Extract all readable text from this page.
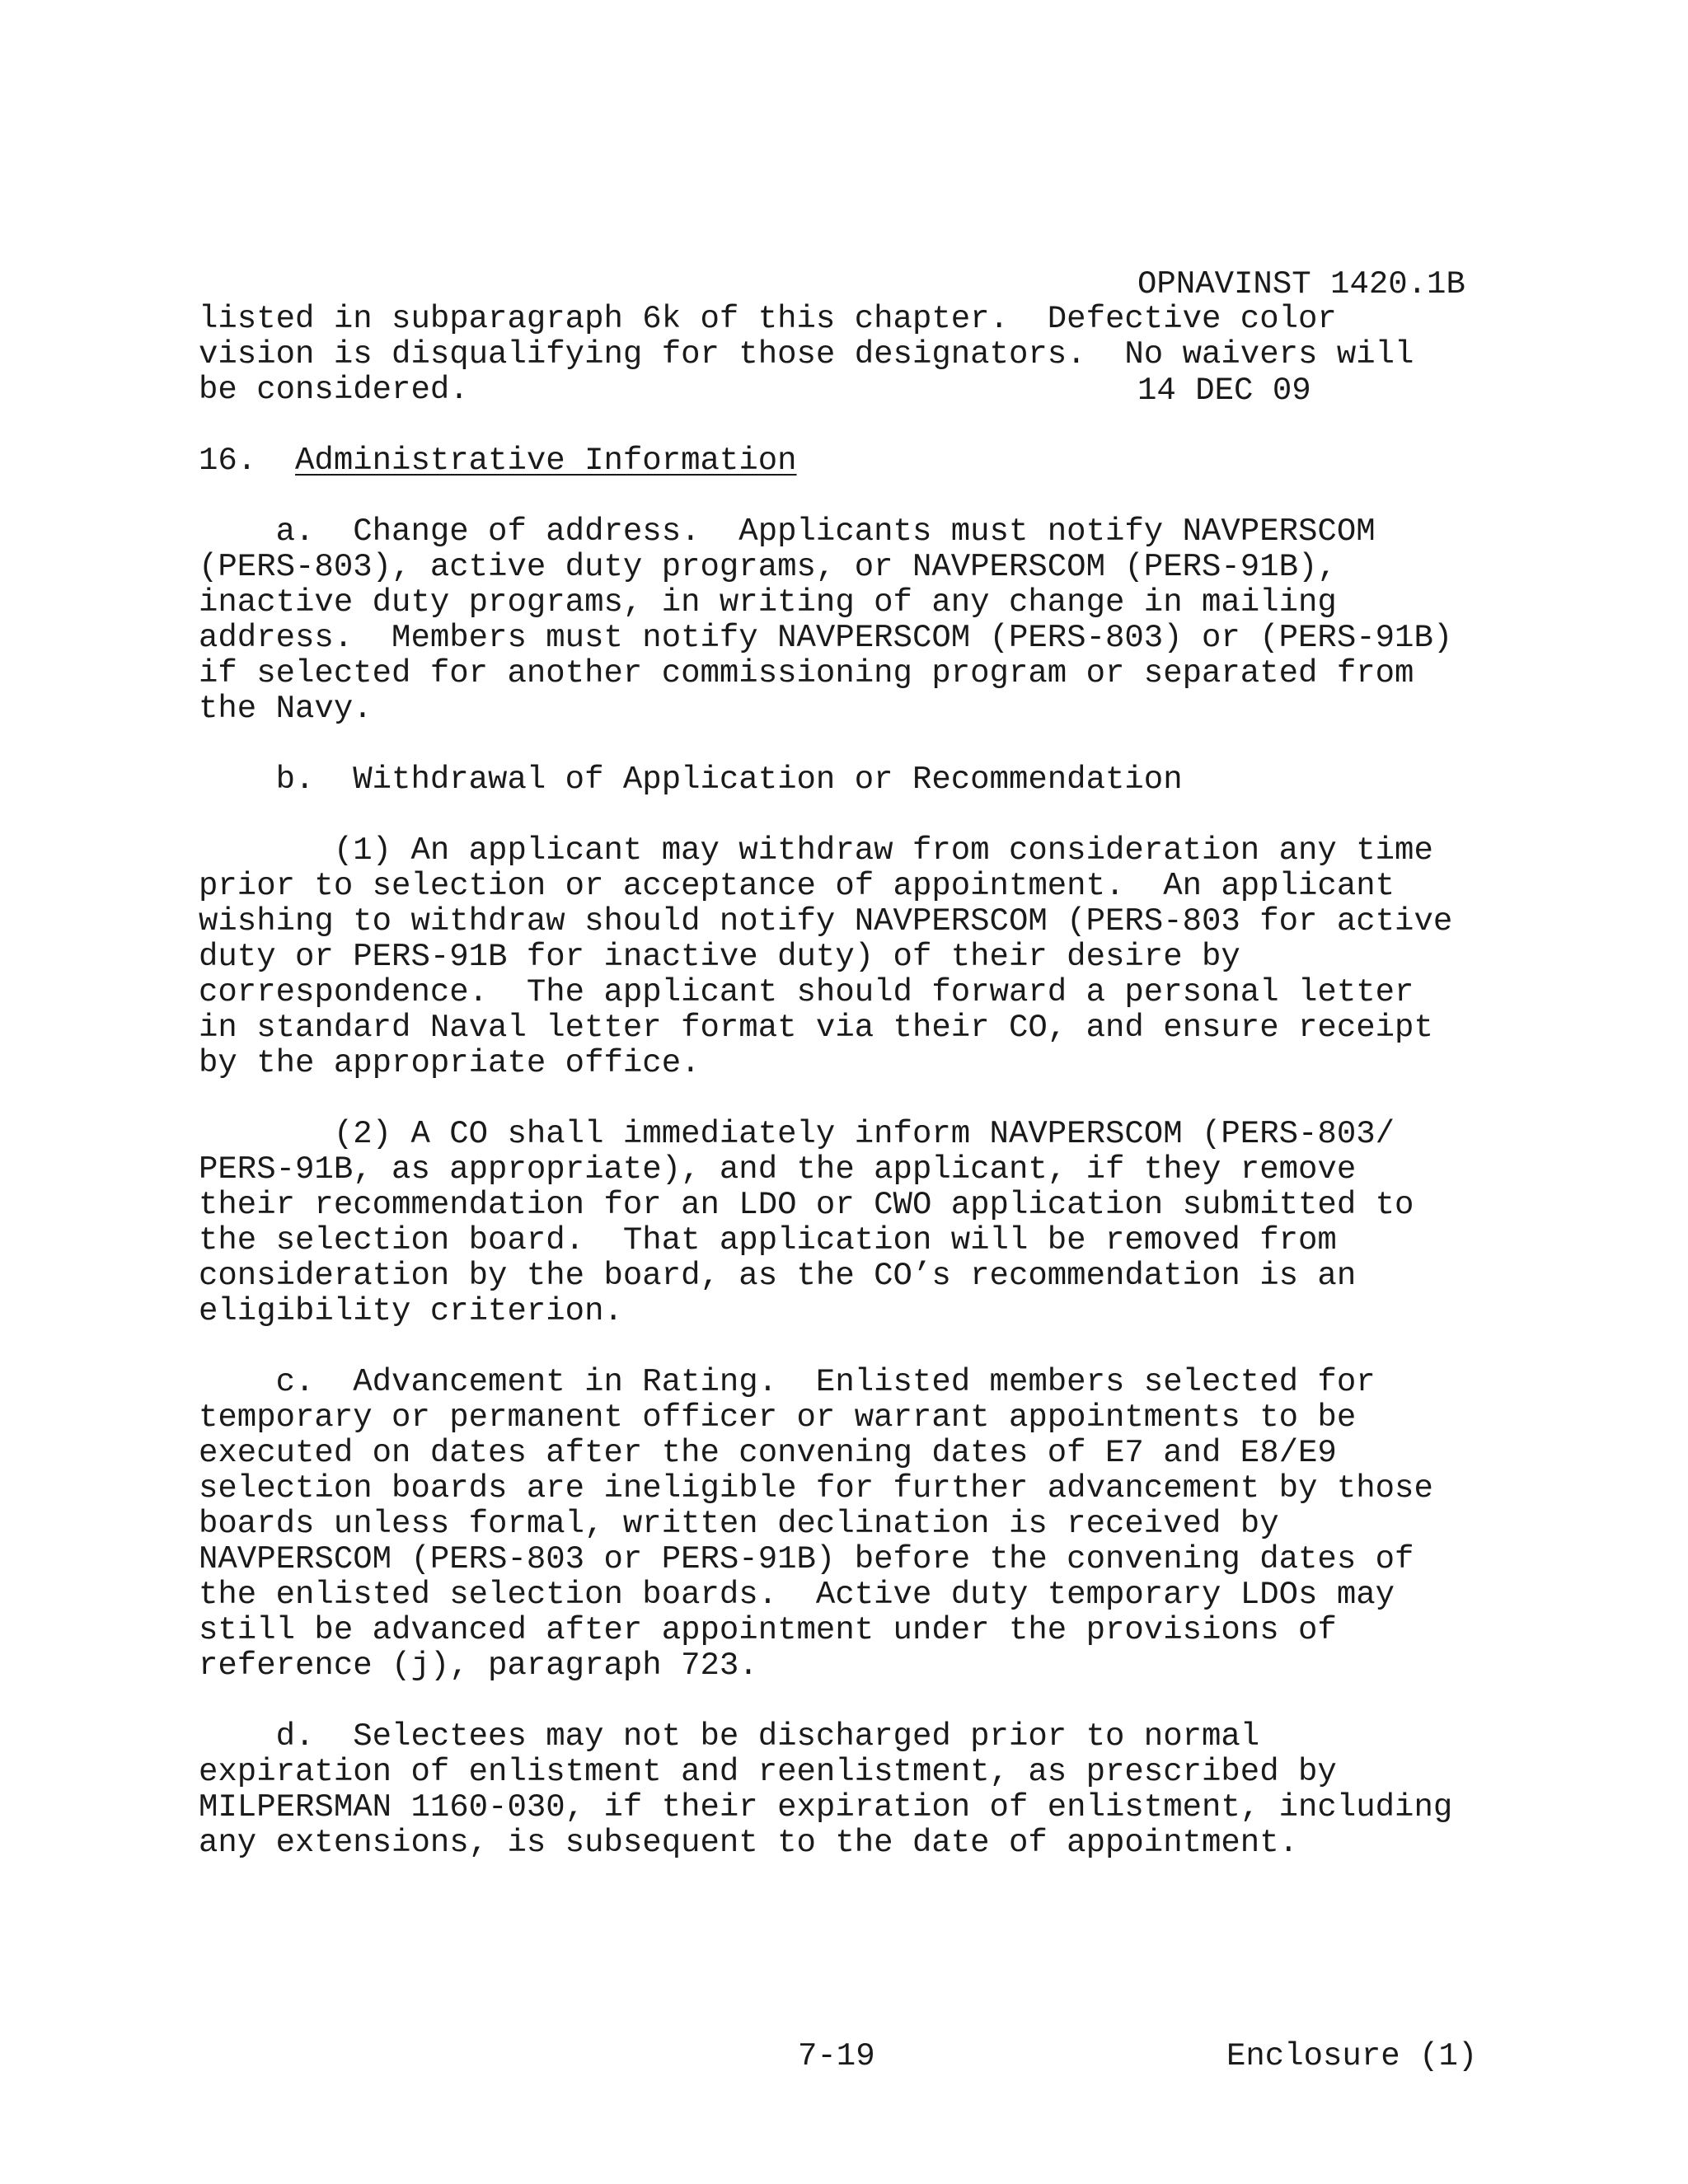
OPNAVINST 1420.1B

14 DEC 09

listed in subparagraph 6k of this chapter.  Defective color
vision is disqualifying for those designators.  No waivers will
be considered.
16.  Administrative Information
a.  Change of address.  Applicants must notify NAVPERSCOM
(PERS-803), active duty programs, or NAVPERSCOM (PERS-91B),
inactive duty programs, in writing of any change in mailing
address.  Members must notify NAVPERSCOM (PERS-803) or (PERS-91B)
if selected for another commissioning program or separated from
the Navy.
b.  Withdrawal of Application or Recommendation
(1) An applicant may withdraw from consideration any time
prior to selection or acceptance of appointment.  An applicant
wishing to withdraw should notify NAVPERSCOM (PERS-803 for active
duty or PERS-91B for inactive duty) of their desire by
correspondence.  The applicant should forward a personal letter
in standard Naval letter format via their CO, and ensure receipt
by the appropriate office.
(2) A CO shall immediately inform NAVPERSCOM (PERS-803/
PERS-91B, as appropriate), and the applicant, if they remove
their recommendation for an LDO or CWO application submitted to
the selection board.  That application will be removed from
consideration by the board, as the CO’s recommendation is an
eligibility criterion.
c.  Advancement in Rating.  Enlisted members selected for
temporary or permanent officer or warrant appointments to be
executed on dates after the convening dates of E7 and E8/E9
selection boards are ineligible for further advancement by those
boards unless formal, written declination is received by
NAVPERSCOM (PERS-803 or PERS-91B) before the convening dates of
the enlisted selection boards.  Active duty temporary LDOs may
still be advanced after appointment under the provisions of
reference (j), paragraph 723.
d.  Selectees may not be discharged prior to normal
expiration of enlistment and reenlistment, as prescribed by
MILPERSMAN 1160-030, if their expiration of enlistment, including
any extensions, is subsequent to the date of appointment.
7-19	Enclosure (1)
